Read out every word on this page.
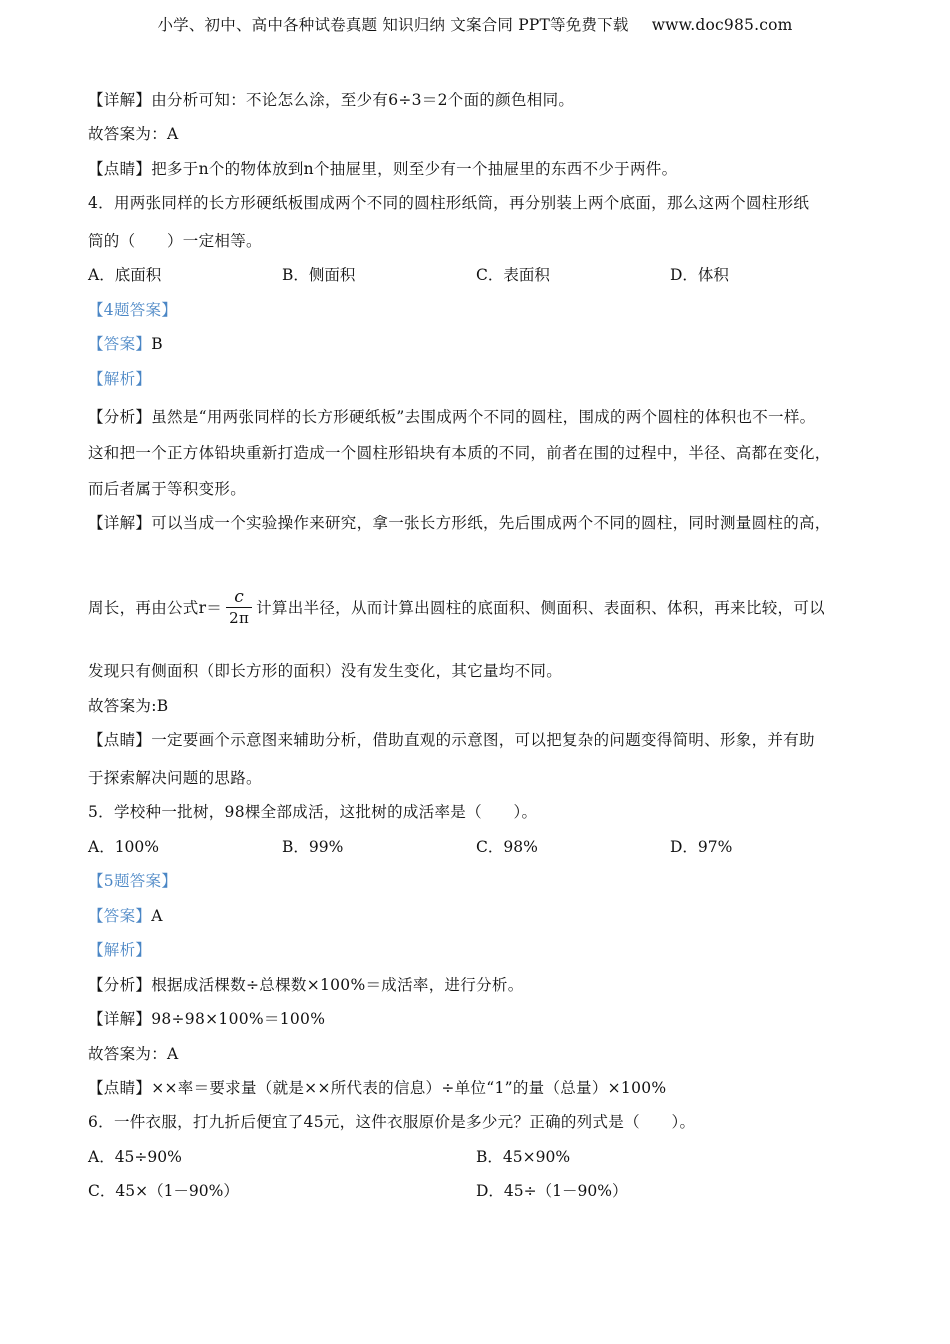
小学、初中、高中各种试卷真题 知识归纳 文案合同 PPT等免费下载 www.doc985.com
【详解】由分析可知：不论怎么涂，至少有6÷3＝2个面的颜色相同。
故答案为：A
【点睛】把多于n个的物体放到n个抽屉里，则至少有一个抽屉里的东西不少于两件。
4．用两张同样的长方形硬纸板围成两个不同的圆柱形纸筒，再分别装上两个底面，那么这两个圆柱形纸
筒的（　　）一定相等。
A．底面积	B．侧面积	C．表面积	D．体积
【4题答案】
【答案】B
【解析】
【分析】虽然是“用两张同样的长方形硬纸板”去围成两个不同的圆柱，围成的两个圆柱的体积也不一样。
这和把一个正方体铅块重新打造成一个圆柱形铅块有本质的不同，前者在围的过程中，半径、高都在变化，
而后者属于等积变形。
【详解】可以当成一个实验操作来研究，拿一张长方形纸，先后围成两个不同的圆柱，同时测量圆柱的高，
周长，再由公式$r= \frac{c}{2\pi}$ 计算出半径，从而计算出圆柱的底面积、侧面积、表面积、体积，再来比较，可以
发现只有侧面积（即长方形的面积）没有发生变化，其它量均不同。
故答案为:B
【点睛】一定要画个示意图来辅助分析，借助直观的示意图，可以把复杂的问题变得简明、形象，并有助
于探索解决问题的思路。
5．学校种一批树，98棵全部成活，这批树的成活率是（　　）。
A．100%	B．99%	C．98%	D．97%
【5题答案】
【答案】A
【解析】
【分析】根据成活棵数÷总棵数×100%＝成活率，进行分析。
【详解】98÷98×100%＝100%
故答案为：A
【点睛】××率＝要求量（就是××所代表的信息）÷单位“1”的量（总量）×100%
6．一件衣服，打九折后便宜了45元，这件衣服原价是多少元？正确的列式是（　　）。
A．45÷90%	B．45×90%
C．45×（1－90%）	D．45÷（1－90%）
